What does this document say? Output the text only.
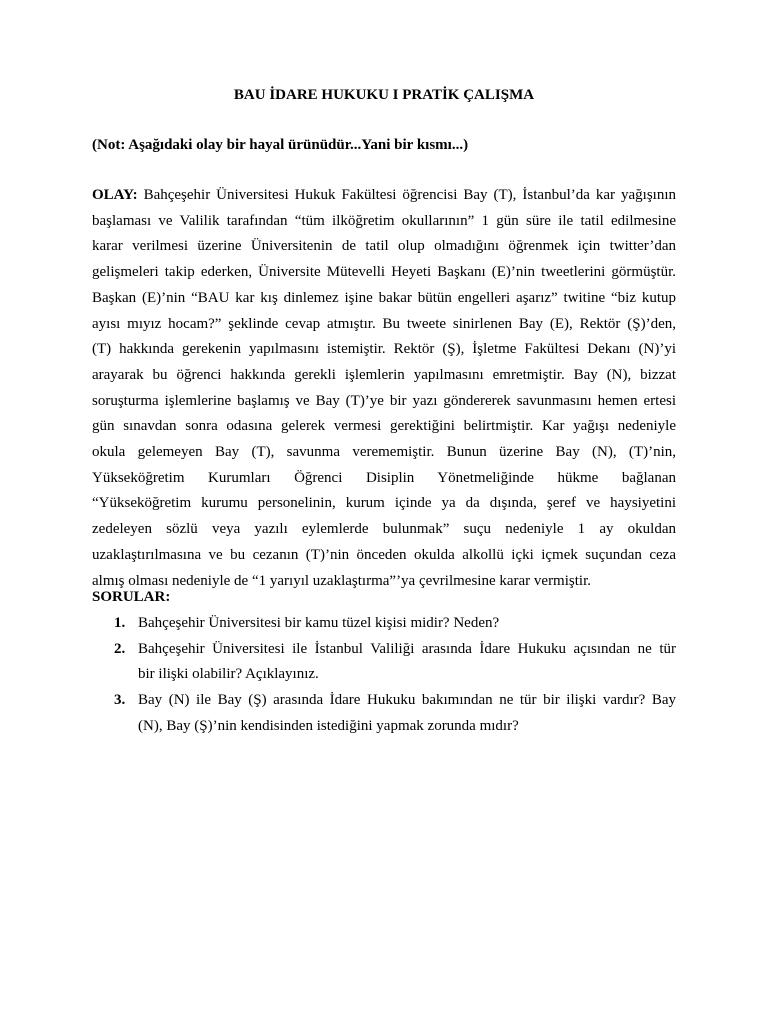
BAU İDARE HUKUKU I PRATİK ÇALIŞMA

(Not: Aşağıdaki olay bir hayal ürünüdür...Yani bir kısmı...)

OLAY: Bahçeşehir Üniversitesi Hukuk Fakültesi öğrencisi Bay (T), İstanbul’da kar yağışının
başlaması ve Valilik tarafından “tüm ilköğretim okullarının” 1 gün süre ile tatil edilmesine
karar verilmesi üzerine Üniversitenin de tatil olup olmadığını öğrenmek için twitter’dan
gelişmeleri takip ederken, Üniversite Mütevelli Heyeti Başkanı (E)’nin tweetlerini görmüştür.
Başkan (E)’nin “BAU kar kış dinlemez işine bakar bütün engelleri aşarız” twitine “biz kutup
ayısı mıyız hocam?” şeklinde cevap atmıştır. Bu tweete sinirlenen Bay (E), Rektör (Ş)’den,
(T) hakkında gerekenin yapılmasını istemiştir. Rektör (Ş), İşletme Fakültesi Dekanı (N)’yi
arayarak bu öğrenci hakkında gerekli işlemlerin yapılmasını emretmiştir. Bay (N), bizzat
soruşturma işlemlerine başlamış ve Bay (T)’ye bir yazı göndererek savunmasını hemen ertesi
gün sınavdan sonra odasına gelerek vermesi gerektiğini belirtmiştir. Kar yağışı nedeniyle
okula gelemeyen Bay (T), savunma verememiştir. Bunun üzerine Bay (N), (T)’nin,
Yükseköğretim Kurumları Öğrenci Disiplin Yönetmeliğinde hükme bağlanan
“Yükseköğretim kurumu personelinin, kurum içinde ya da dışında, şeref ve haysiyetini
zedeleyen sözlü veya yazılı eylemlerde bulunmak” suçu nedeniyle 1 ay okuldan
uzaklaştırılmasına ve bu cezanın (T)’nin önceden okulda alkollü içki içmek suçundan ceza
almış olması nedeniyle de “1 yarıyıl uzaklaştırma”’ya çevrilmesine karar vermiştir.

SORULAR:

1. Bahçeşehir Üniversitesi bir kamu tüzel kişisi midir? Neden?
2. Bahçeşehir Üniversitesi ile İstanbul Valiliği arasında İdare Hukuku açısından ne tür
bir ilişki olabilir? Açıklayınız.
3. Bay (N) ile Bay (Ş) arasında İdare Hukuku bakımından ne tür bir ilişki vardır? Bay
(N), Bay (Ş)’nin kendisinden istediğini yapmak zorunda mıdır?
